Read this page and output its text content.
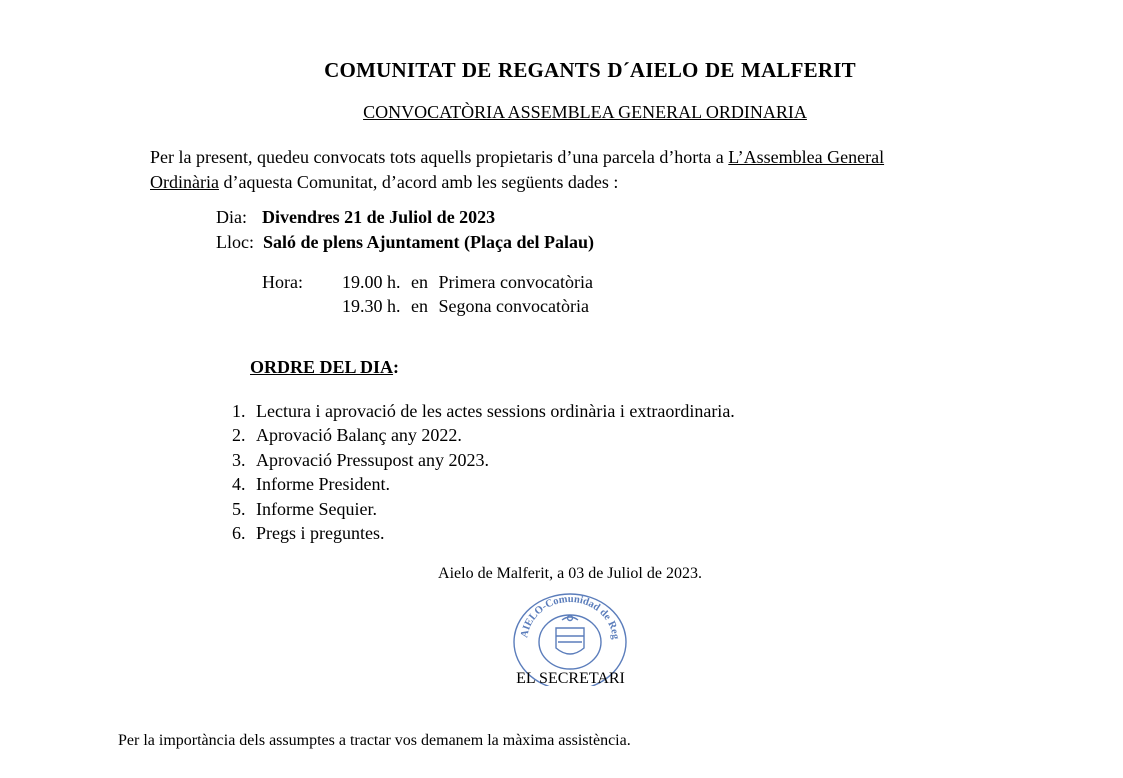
COMUNITAT DE REGANTS D´AIELO DE MALFERIT
CONVOCATÒRIA ASSEMBLEA GENERAL ORDINARIA
Per la present, quedeu convocats tots aquells propietaris d’una parcela d’horta a L’Assemblea General
Ordinària d’aquesta Comunitat, d’acord amb les següents dades :
Dia: Divendres 21 de Juliol de 2023
Lloc: Saló de plens Ajuntament (Plaça del Palau)
Hora: 19.00 h. en Primera convocatòria
19.30 h. en Segona convocatòria
ORDRE DEL DIA:
1. Lectura i aprovació de les actes sessions ordinària i extraordinaria.
2. Aprovació Balanç any 2022.
3. Aprovació Pressupost any 2023.
4. Informe President.
5. Informe Sequier.
6. Pregs i preguntes.
Aielo de Malferit, a 03 de Juliol de 2023.
AIELO-Comunidad de Reg
EL SECRETARI
Per la importància dels assumptes a tractar vos demanem la màxima assistència.
